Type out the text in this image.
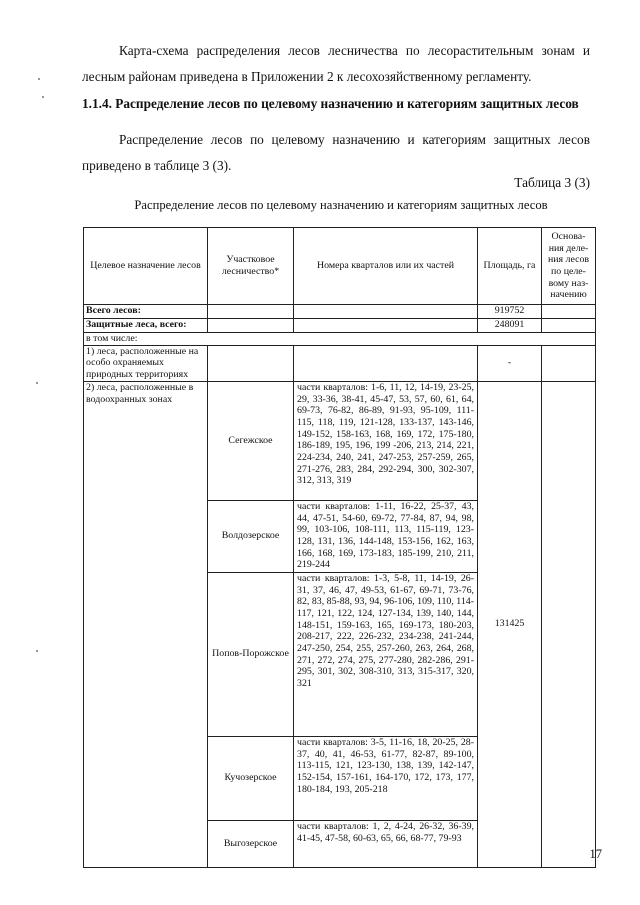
Карта-схема распределения лесов лесничества по лесорастительным зонам и лесным районам приведена в Приложении 2 к лесохозяйственному регламенту.
1.1.4. Распределение лесов по целевому назначению и категориям защитных лесов
Распределение лесов по целевому назначению и категориям защитных лесов приведено в таблице 3 (3).
Таблица 3 (3)
Распределение лесов по целевому назначению и категориям защитных лесов
Целевое назначение лесов	Участковое лесничество*	Номера кварталов или их частей	Площадь, га	Основа-ния деле-ния лесов по целе-вому наз-начению
Всего лесов:			919752	
Защитные леса, всего:			248091	
в том числе:				
1) леса, расположенные на особо охраняемых природных территориях			-	
2) леса, расположенные в водоохранных зонах	Сегежское	части кварталов: 1-6, 11, 12, 14-19, 23-25, 29, 33-36, 38-41, 45-47, 53, 57, 60, 61, 64, 69-73, 76-82, 86-89, 91-93, 95-109, 111-115, 118, 119, 121-128, 133-137, 143-146, 149-152, 158-163, 168, 169, 172, 175-180, 186-189, 195, 196, 199 -206, 213, 214, 221, 224-234, 240, 241, 247-253, 257-259, 265, 271-276, 283, 284, 292-294, 300, 302-307, 312, 313, 319	131425	
	Волдозерское	части кварталов: 1-11, 16-22, 25-37, 43, 44, 47-51, 54-60, 69-72, 77-84, 87, 94, 98, 99, 103-106, 108-111, 113, 115-119, 123-128, 131, 136, 144-148, 153-156, 162, 163, 166, 168, 169, 173-183, 185-199, 210, 211, 219-244		
	Попов-Порожское	части кварталов: 1-3, 5-8, 11, 14-19, 26- 31, 37, 46, 47, 49-53, 61-67, 69-71, 73-76, 82, 83, 85-88, 93, 94, 96-106, 109, 110, 114-117, 121, 122, 124, 127-134, 139, 140, 144, 148-151, 159-163, 165, 169-173, 180-203, 208-217, 222, 226-232, 234-238, 241-244, 247-250, 254, 255, 257-260, 263, 264, 268, 271, 272, 274, 275, 277-280, 282-286, 291-295, 301, 302, 308-310, 313, 315-317, 320, 321		
	Кучозерское	части кварталов: 3-5, 11-16, 18, 20-25, 28-37, 40, 41, 46-53, 61-77, 82-87, 89-100, 113-115, 121, 123-130, 138, 139, 142-147, 152-154, 157-161, 164-170, 172, 173, 177, 180-184, 193, 205-218		
	Выгозерское	части кварталов: 1, 2, 4-24, 26-32, 36-39, 41-45, 47-58, 60-63, 65, 66, 68-77, 79-93		
17
